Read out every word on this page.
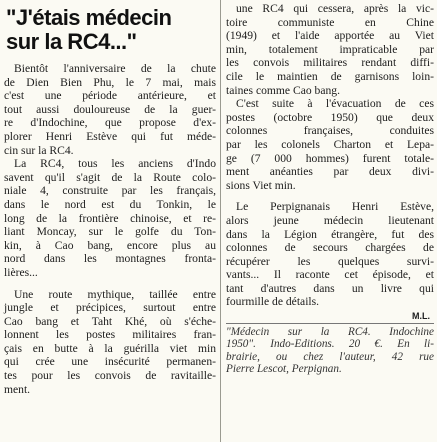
"J'étais médecin
sur la RC4..."
Bientôt l'anniversaire de la chute
de Dien Bien Phu, le 7 mai, mais
c'est une période antérieure, et
tout aussi douloureuse de la guer-
re d'Indochine, que propose d'ex-
plorer Henri Estève qui fut méde-
cin sur la RC4.
La RC4, tous les anciens d'Indo
savent qu'il s'agit de la Route colo-
niale 4, construite par les français,
dans le nord est du Tonkin, le
long de la frontière chinoise, et re-
liant Moncay, sur le golfe du Ton-
kin, à Cao bang, encore plus au
nord dans les montagnes fronta-
lières...
Une route mythique, taillée entre
jungle et précipices, surtout entre
Cao bang et Taht Khé, où s'éche-
lonnent les postes militaires fran-
çais en butte à la guérilla viet min
qui crée une insécurité permanen-
tes pour les convois de ravitaille-
ment.
une RC4 qui cessera, après la vic-
toire communiste en Chine
(1949) et l'aide apportée au Viet
min, totalement impraticable par
les convois militaires rendant diffi-
cile le maintien de garnisons loin-
taines comme Cao bang.
C'est suite à l'évacuation de ces
postes (octobre 1950) que deux
colonnes françaises, conduites
par les colonels Charton et Lepa-
ge (7 000 hommes) furent totale-
ment anéanties par deux divi-
sions Viet min.
Le Perpignanais Henri Estève,
alors jeune médecin lieutenant
dans la Légion étrangère, fut des
colonnes de secours chargées de
récupérer les quelques survi-
vants... Il raconte cet épisode, et
tant d'autres dans un livre qui
fourmille de détails.
M.L.
"Médecin sur la RC4. Indochine
1950". Indo-Editions. 20 €. En li-
brairie, ou chez l'auteur, 42 rue
Pierre Lescot, Perpignan.
